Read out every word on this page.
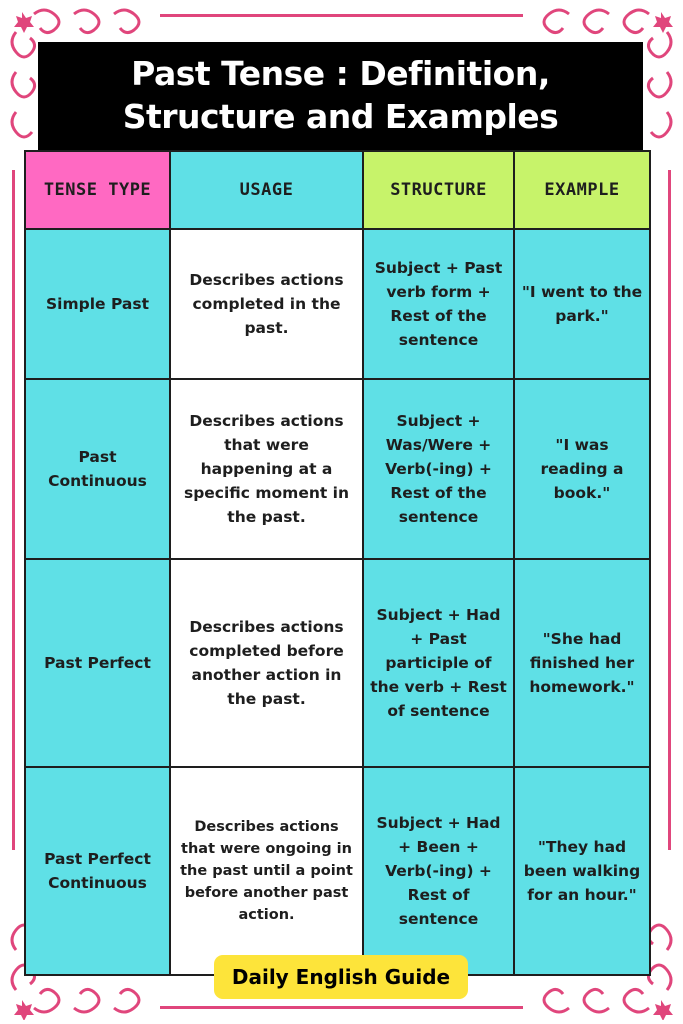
Past Tense : Definition,
Structure and Examples
TENSE TYPE	USAGE	STRUCTURE	EXAMPLE
Simple Past	Describes actions completed in the past.	Subject + Past verb form + Rest of the sentence	"I went to the park."
Past Continuous	Describes actions that were happening at a specific moment in the past.	Subject + Was/Were + Verb(-ing) + Rest of the sentence	"I was reading a book."
Past Perfect	Describes actions completed before another action in the past.	Subject + Had + Past participle of the verb + Rest of sentence	"She had finished her homework."
Past Perfect Continuous	Describes actions that were ongoing in the past until a point before another past action.	Subject + Had + Been + Verb(-ing) + Rest of sentence	"They had been walking for an hour."
Daily English Guide
